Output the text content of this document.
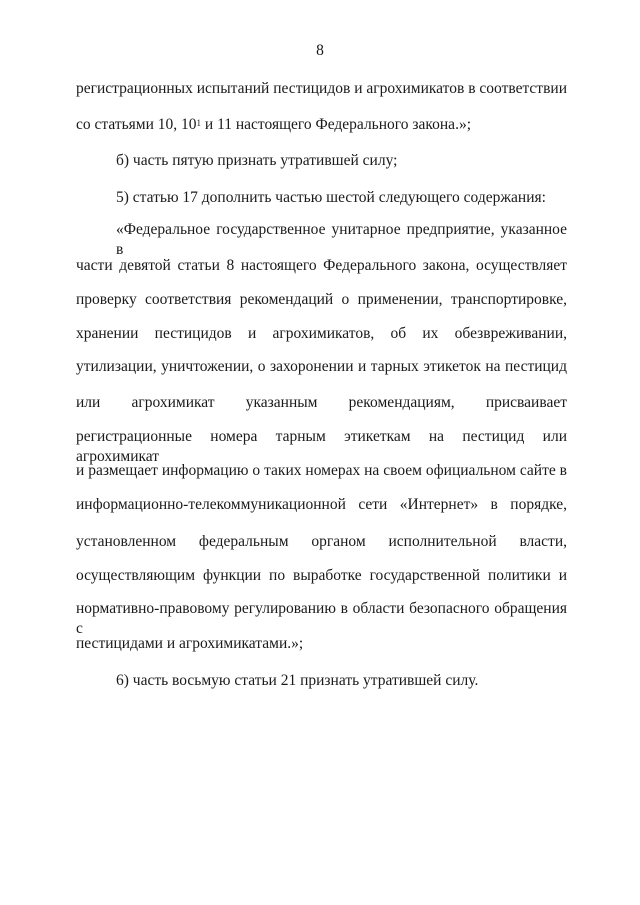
8
регистрационных испытаний пестицидов и агрохимикатов в соответствии
со статьями 10, $10^1$ и 11 настоящего Федерального закона.»;
б) часть пятую признать утратившей силу;
5) статью 17 дополнить частью шестой следующего содержания:
«Федеральное государственное унитарное предприятие, указанное в
части девятой статьи 8 настоящего Федерального закона, осуществляет
проверку соответствия рекомендаций о применении, транспортировке,
хранении пестицидов и агрохимикатов, об их обезвреживании,
утилизации, уничтожении, о захоронении и тарных этикеток на пестицид
или агрохимикат указанным рекомендациям, присваивает
регистрационные номера тарным этикеткам на пестицид или агрохимикат
и размещает информацию о таких номерах на своем официальном сайте в
информационно-телекоммуникационной сети «Интернет» в порядке,
установленном федеральным органом исполнительной власти,
осуществляющим функции по выработке государственной политики и
нормативно-правовому регулированию в области безопасного обращения с
пестицидами и агрохимикатами.»;
6) часть восьмую статьи 21 признать утратившей силу.
